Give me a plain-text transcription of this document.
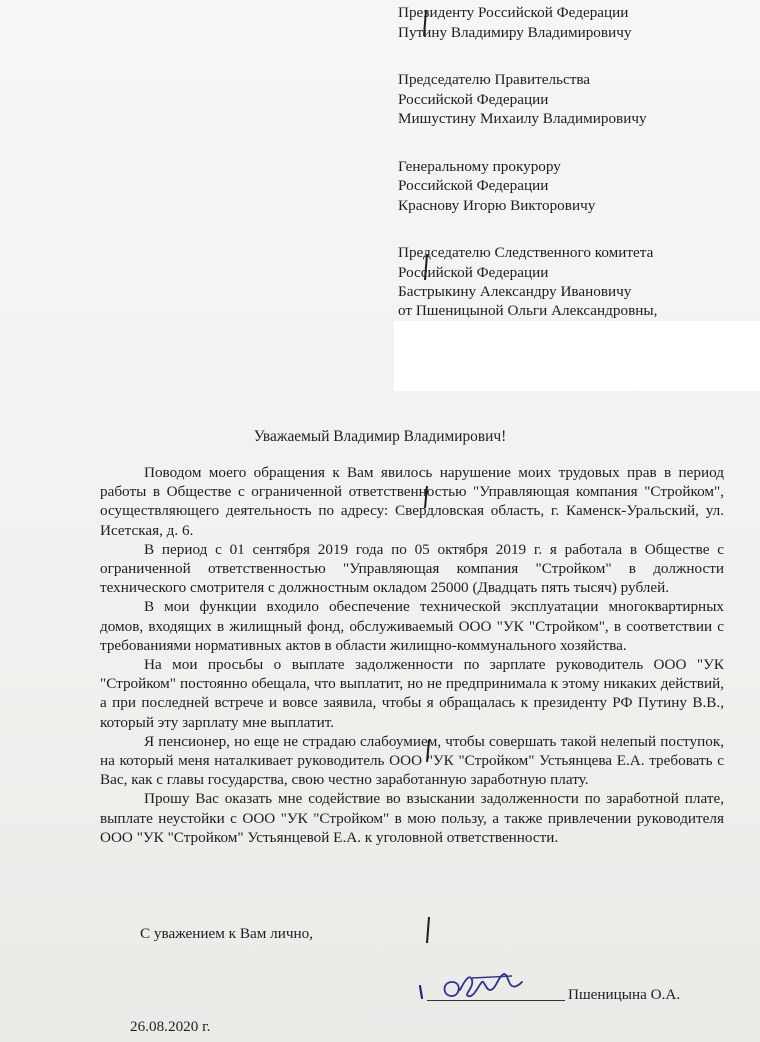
Президенту Российской Федерации
Путину Владимиру Владимировичу
Председателю Правительства
Российской Федерации
Мишустину Михаилу Владимировичу
Генеральному прокурору
Российской Федерации
Краснову Игорю Викторовичу
Председателю Следственного комитета
Российской Федерации
Бастрыкину Александру Ивановичу
от Пшеницыной Ольги Александровны,
Уважаемый Владимир Владимирович!

Поводом моего обращения к Вам явилось нарушение моих трудовых прав в период работы в Обществе с ограниченной ответственностью "Управляющая компания "Стройком", осуществляющего деятельность по адресу: Свердловская область, г. Каменск-Уральский, ул. Исетская, д. 6.

В период с 01 сентября 2019 года по 05 октября 2019 г. я работала в Обществе с ограниченной ответственностью "Управляющая компания "Стройком" в должности технического смотрителя с должностным окладом 25000 (Двадцать пять тысяч) рублей.

В мои функции входило обеспечение технической эксплуатации многоквартирных домов, входящих в жилищный фонд, обслуживаемый ООО "УК "Стройком", в соответствии с требованиями нормативных актов в области жилищно-коммунального хозяйства.

На мои просьбы о выплате задолженности по зарплате руководитель ООО "УК "Стройком" постоянно обещала, что выплатит, но не предпринимала к этому никаких действий, а при последней встрече и вовсе заявила, чтобы я обращалась к президенту РФ Путину В.В., который эту зарплату мне выплатит.

Я пенсионер, но еще не страдаю слабоумием, чтобы совершать такой нелепый поступок, на который меня наталкивает руководитель ООО "УК "Стройком" Устьянцева Е.А. требовать с Вас, как с главы государства, свою честно заработанную заработную плату.

Прошу Вас оказать мне содействие во взыскании задолженности по заработной плате, выплате неустойки с ООО "УК "Стройком" в мою пользу, а также привлечении руководителя ООО "УК "Стройком" Устьянцевой Е.А. к уголовной ответственности.

С уважением к Вам лично,
Пшеницына О.А.
26.08.2020 г.
